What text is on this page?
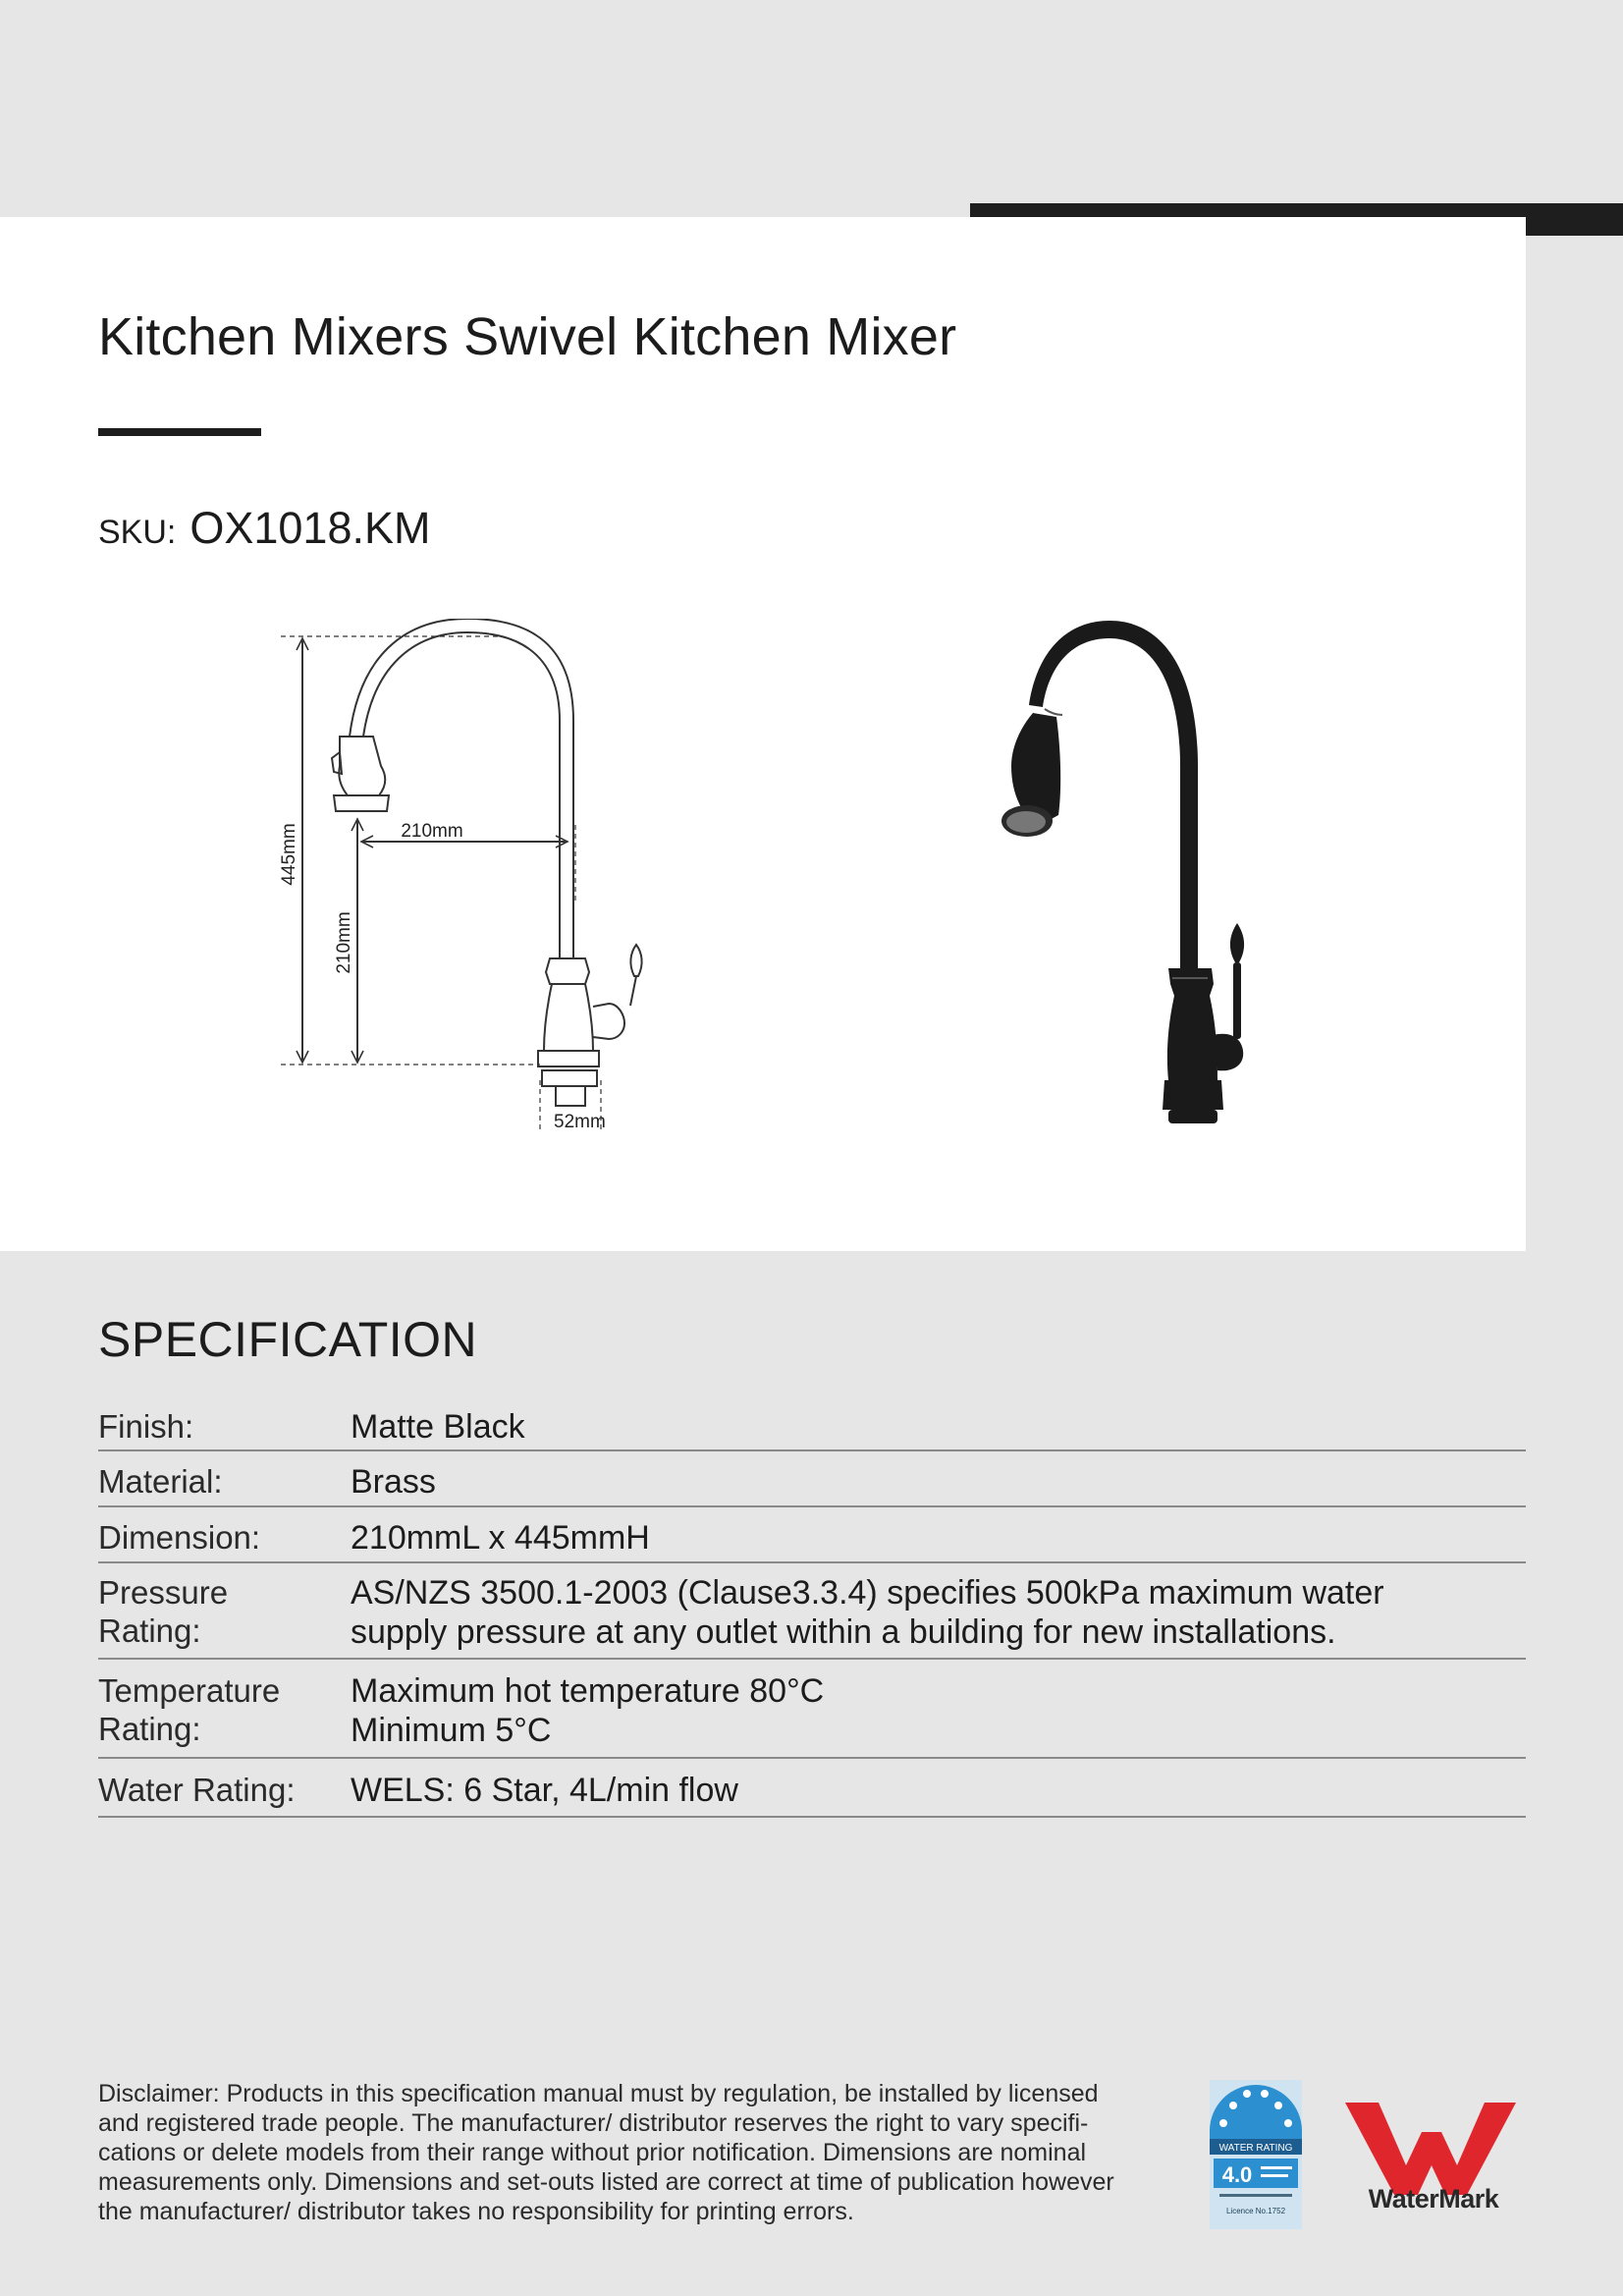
Kitchen Mixers Swivel Kitchen Mixer
SKU: OX1018.KM
210mm
52mm
445mm
210mm
SPECIFICATION
Finish:	Matte Black
Material:	Brass
Dimension:	210mmL x 445mmH
Pressure
Rating:
AS/NZS 3500.1-2003 (Clause3.3.4) specifies 500kPa maximum water
supply pressure at any outlet within a building for new installations.
Temperature
Rating:
Maximum hot temperature 80°C
Minimum 5°C
Water Rating:	WELS: 6 Star, 4L/min flow
Disclaimer: Products in this specification manual must by regulation, be installed by licensed
and registered trade people. The manufacturer/ distributor reserves the right to vary specifi-
cations or delete models from their range without prior notification. Dimensions are nominal
measurements only. Dimensions and set-outs listed are correct at time of publication however
the manufacturer/ distributor takes no responsibility for printing errors.
WATER RATING
4.0
Licence No.1752	WaterMark
